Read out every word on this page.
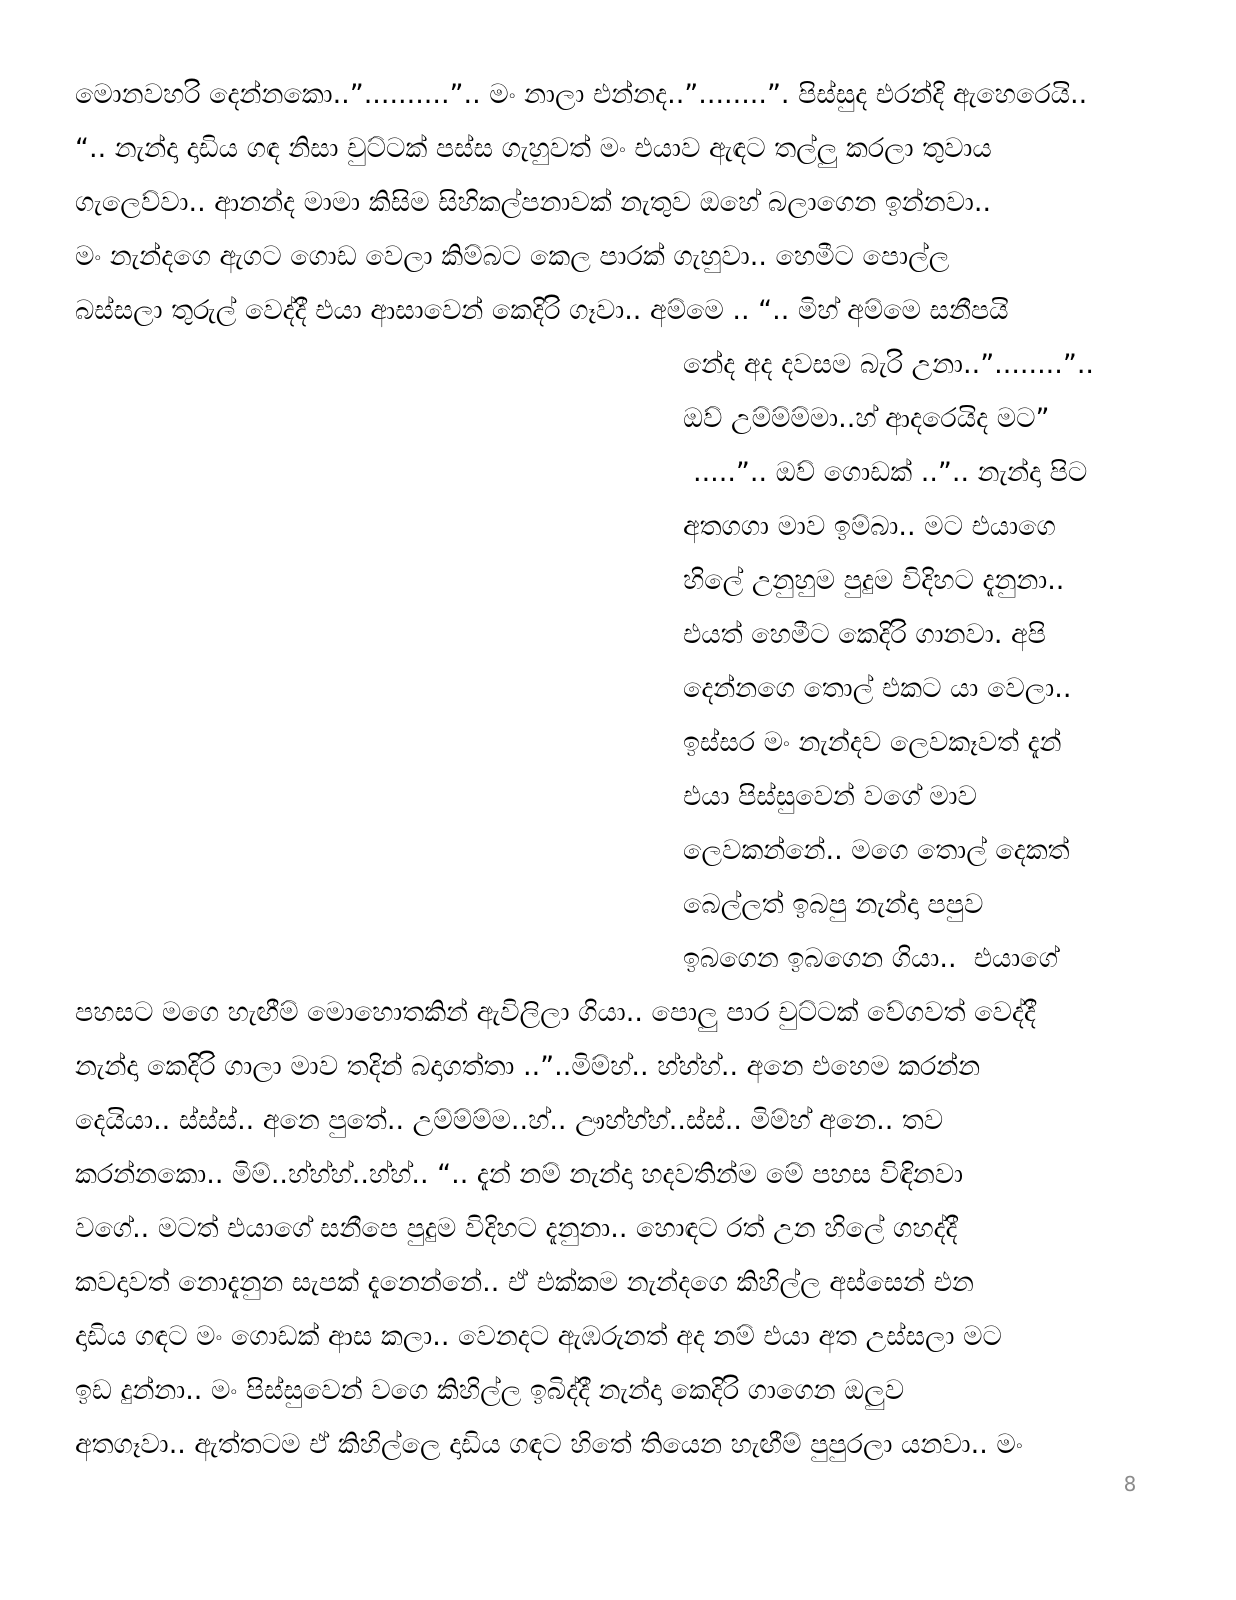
මොනවහරි දෙන්නකො..”..........”.. මං නාලා එන්නද..”........”. පිස්සුද එරන්දි ඇහෙරෙයි..
“.. නැන්දා දාඩිය ගඳ නිසා චුට්ටක් පස්ස ගැහුවත් මං එයාව ඇඳට තල්ලු කරලා තුවාය
ගැලෙව්වා.. ආනන්ද මාමා කිසිම සිහිකල්පනාවක් නැතුව ඔහේ බලාගෙන ඉන්නවා..
මං නැන්දගෙ ඇගට ගොඩ වෙලා කිම්බට කෙල පාරක් ගැහුවා.. හෙමීට පොල්ල
බස්සලා තුරුල් වෙද්දී එයා ආසාවෙන් කෙදිරි ගෑවා.. අම්මෙ .. “.. මිහ් අම්මෙ සනීපයි
නේද අද දවසම බැරි උනා..”........”..
ඔව් උම්ම්ම්මා..හ් ආදරෙයිද මට”
.....”.. ඔව් ගොඩක් ..”.. නැන්දා පිට
අතගගා මාව ඉම්බා.. මට එයාගෙ
හිලේ උනුහුම පුදුම විදිහට දැනුනා..
එයත් හෙමීට කෙදිරි ගානවා. අපි
දෙන්නගෙ තොල් එකට යා වෙලා..
ඉස්සර මං නැන්දව ලෙවකෑවත් දැන්
එයා පිස්සුවෙන් වගේ මාව
ලෙවකන්නේ.. මගෙ තොල් දෙකත්
බෙල්ලත් ඉබපු නැන්දා පපුව
ඉබගෙන ඉබගෙන ගියා..  එයාගේ
පහසට මගෙ හැඟීම් මොහොතකින් ඇවිලිලා ගියා.. පොලු පාර චුට්ටක් වේගවත් වෙද්දී
නැන්දා කෙදිරි ගාලා මාව තදින් බදාගත්තා ..”..මිම්හ්.. හ්හ්හ්.. අනෙ එහෙම කරන්න
දෙයියා.. ස්ස්ස්.. අනෙ පුතේ.. උම්ම්ම්ම..හ්.. ඌහ්හ්හ්..ස්ස්.. මිම්හ් අනෙ.. තව
කරන්නකො.. මිම්..හ්හ්හ්..හ්හ්.. “.. දැන් නම් නැන්දා හදවතින්ම මේ පහස විඳිනවා
වගේ.. මටත් එයාගේ සනීපෙ පුදුම විදිහට දැනුනා.. හොඳට රත් උන හිලේ ගහද්දී
කවදාවත් නොදැනුන සැපක් දැනෙන්නේ.. ඒ එක්කම නැන්දගෙ කිහිල්ල අස්සෙන් එන
දාඩිය ගඳට මං ගොඩක් ආස කලා.. වෙනදට ඇඹරුනත් අද නම් එයා අත උස්සලා මට
ඉඩ දුන්නා.. මං පිස්සුවෙන් වගෙ කිහිල්ල ඉබිද්දී නැන්දා කෙදිරි ගාගෙන ඔලුව
අතගෑවා.. ඇත්තටම ඒ කිහිල්ලෙ දාඩිය ගඳට හිතේ තියෙන හැඟීම් පුපුරලා යනවා.. මං
8
